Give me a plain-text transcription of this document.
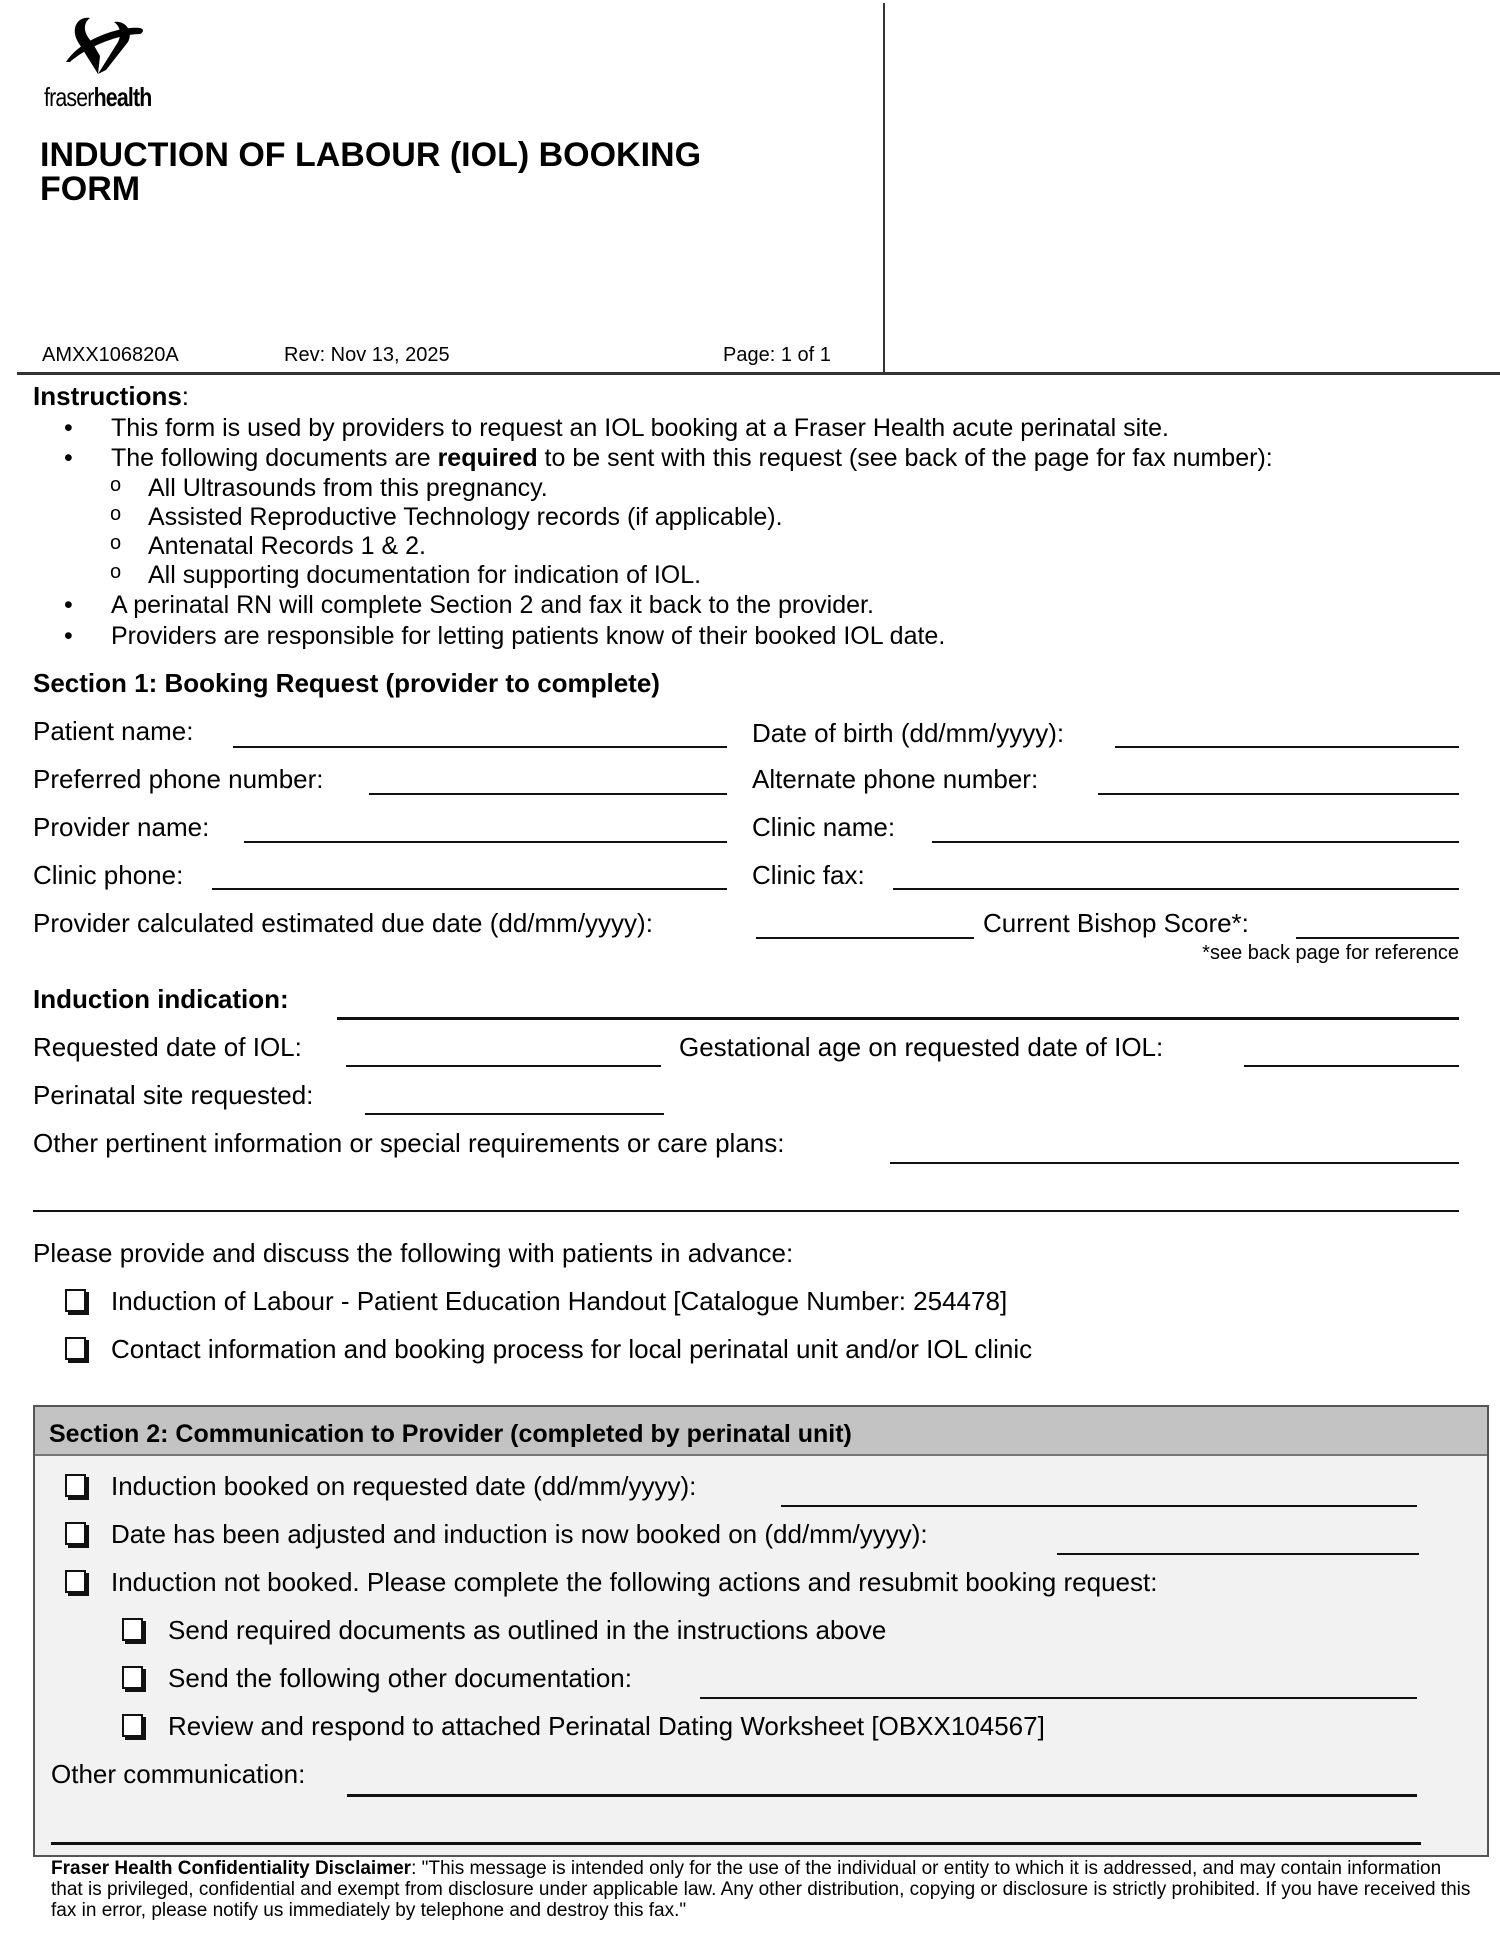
fraserhealth
INDUCTION OF LABOUR (IOL) BOOKING
FORM
AMXX106820A	Rev: Nov 13, 2025	Page: 1 of 1
Instructions:
• This form is used by providers to request an IOL booking at a Fraser Health acute perinatal site.
• The following documents are required to be sent with this request (see back of the page for fax number):
o All Ultrasounds from this pregnancy.
o Assisted Reproductive Technology records (if applicable).
o Antenatal Records 1 & 2.
o All supporting documentation for indication of IOL.
• A perinatal RN will complete Section 2 and fax it back to the provider.
• Providers are responsible for letting patients know of their booked IOL date.
Section 1: Booking Request (provider to complete)
Patient name:	Date of birth (dd/mm/yyyy):
Preferred phone number:	Alternate phone number:
Provider name:	Clinic name:
Clinic phone:	Clinic fax:
Provider calculated estimated due date (dd/mm/yyyy):	Current Bishop Score*:
*see back page for reference
Induction indication:
Requested date of IOL:	Gestational age on requested date of IOL:
Perinatal site requested:
Other pertinent information or special requirements or care plans:
Please provide and discuss the following with patients in advance:
Induction of Labour - Patient Education Handout [Catalogue Number: 254478]
Contact information and booking process for local perinatal unit and/or IOL clinic
Section 2: Communication to Provider (completed by perinatal unit)
Induction booked on requested date (dd/mm/yyyy):
Date has been adjusted and induction is now booked on (dd/mm/yyyy):
Induction not booked. Please complete the following actions and resubmit booking request:
Send required documents as outlined in the instructions above
Send the following other documentation:
Review and respond to attached Perinatal Dating Worksheet [OBXX104567]
Other communication:
Fraser Health Confidentiality Disclaimer: "This message is intended only for the use of the individual or entity to which it is addressed, and may contain information that is privileged, confidential and exempt from disclosure under applicable law. Any other distribution, copying or disclosure is strictly prohibited. If you have received this fax in error, please notify us immediately by telephone and destroy this fax."
